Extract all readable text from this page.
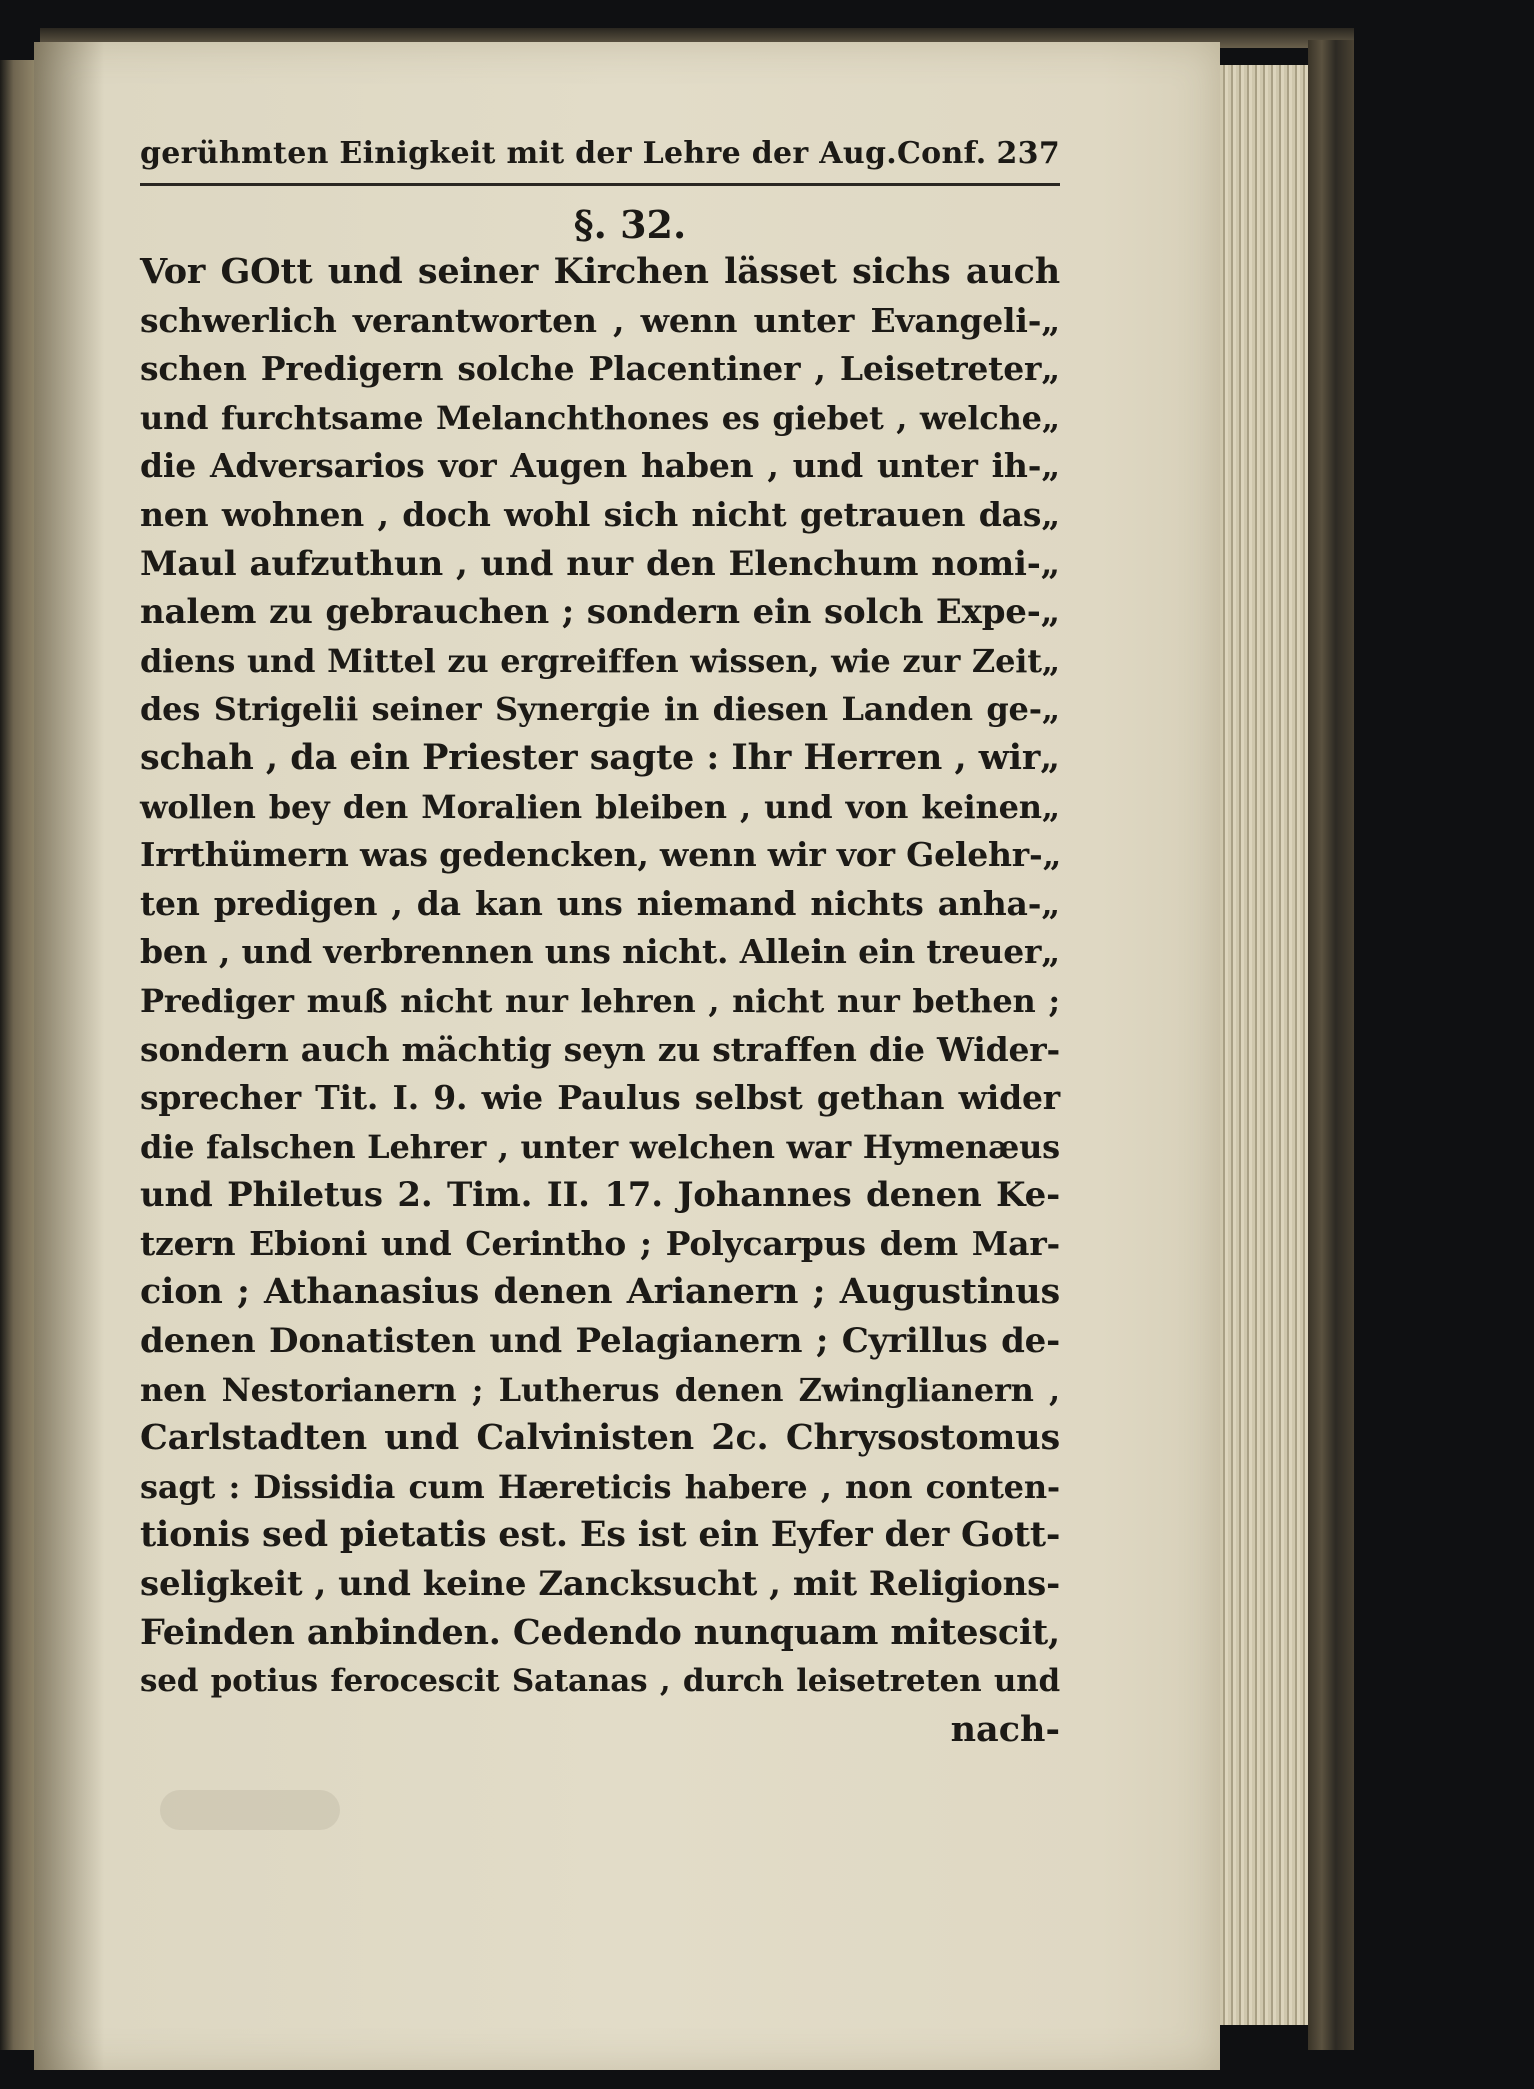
gerühmten Einigkeit mit der Lehre der Aug.Conf. 237
§. 32.
Vor GOtt und seiner Kirchen lässet sichs auch
schwerlich verantworten , wenn unter Evangeli-„
schen Predigern solche Placentiner , Leisetreter„
und furchtsame Melanchthones es giebet , welche„
die Adversarios vor Augen haben , und unter ih-„
nen wohnen , doch wohl sich nicht getrauen das„
Maul aufzuthun , und nur den Elenchum nomi-„
nalem zu gebrauchen ; sondern ein solch Expe-„
diens und Mittel zu ergreiffen wissen, wie zur Zeit„
des Strigelii seiner Synergie in diesen Landen ge-„
schah , da ein Priester sagte : Ihr Herren , wir„
wollen bey den Moralien bleiben , und von keinen„
Irrthümern was gedencken, wenn wir vor Gelehr-„
ten predigen , da kan uns niemand nichts anha-„
ben , und verbrennen uns nicht. Allein ein treuer„
Prediger muß nicht nur lehren , nicht nur bethen ;
sondern auch mächtig seyn zu straffen die Wider-
sprecher Tit. I. 9. wie Paulus selbst gethan wider
die falschen Lehrer , unter welchen war Hymenæus
und Philetus 2. Tim. II. 17. Johannes denen Ke-
tzern Ebioni und Cerintho ; Polycarpus dem Mar-
cion ; Athanasius denen Arianern ; Augustinus
denen Donatisten und Pelagianern ; Cyrillus de-
nen Nestorianern ; Lutherus denen Zwinglianern ,
Carlstadten und Calvinisten 2c. Chrysostomus
sagt : Dissidia cum Hæreticis habere , non conten-
tionis sed pietatis est. Es ist ein Eyfer der Gott-
seligkeit , und keine Zancksucht , mit Religions-
Feinden anbinden. Cedendo nunquam mitescit,
sed potius ferocescit Satanas , durch leisetreten und
nach-
